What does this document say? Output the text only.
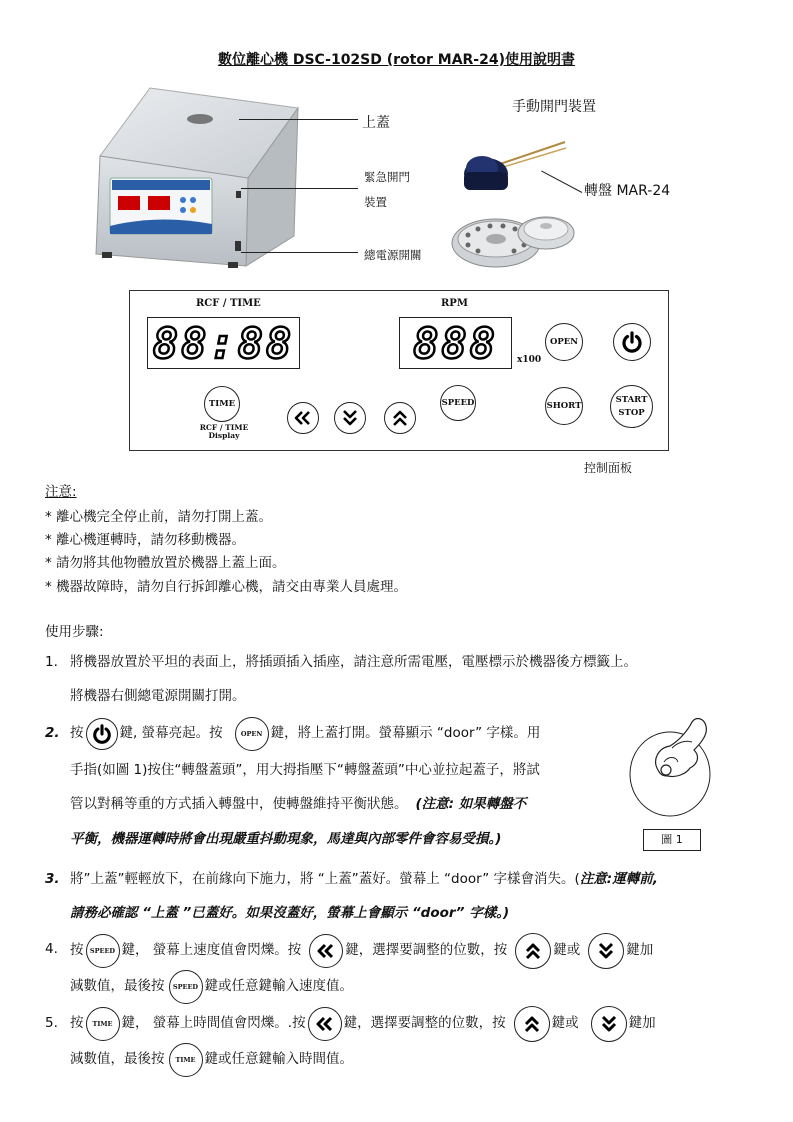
數位離心機 DSC-102SD (rotor MAR-24)使用說明書
上蓋
緊急開門
裝置
總電源開關
手動開門裝置
轉盤 MAR-24
RCF / TIME	RPM
88:88	888	x100
OPEN
TIME
RCF / TIME
Display
SPEED	SHORT
START
STOP
控制面板
注意:
* 離心機完全停止前，請勿打開上蓋。
* 離心機運轉時，請勿移動機器。
* 請勿將其他物體放置於機器上蓋上面。
* 機器故障時，請勿自行拆卸離心機，請交由專業人員處理。
使用步驟:
1. 將機器放置於平坦的表面上，將插頭插入插座，請注意所需電壓，電壓標示於機器後方標籤上。
將機器右側總電源開關打開。
2. 按	鍵, 螢幕亮起。按	OPEN 鍵，將上蓋打開。螢幕顯示 “door” 字樣。用
手指(如圖 1)按住“轉盤蓋頭”，用大拇指壓下“轉盤蓋頭”中心並拉起蓋子，將試
管以對稱等重的方式插入轉盤中，使轉盤維持平衡狀態。 (注意: 如果轉盤不
平衡，機器運轉時將會出現嚴重抖動現象，馬達與內部零件會容易受損。)	圖 1
3. 將”上蓋”輕輕放下，在前緣向下施力，將 “上蓋”蓋好。螢幕上 “door” 字樣會消失。(注意:運轉前,
請務必確認 “上蓋 ”已蓋好。如果沒蓋好，螢幕上會顯示 “door” 字樣。)
4. 按 SPEED 鍵， 螢幕上速度值會閃爍。按	鍵，選擇要調整的位數，按	鍵或	鍵加
減數值，最後按	SPEED 鍵或任意鍵輸入速度值。
5. 按	TIME 鍵， 螢幕上時間值會閃爍。.按	鍵，選擇要調整的位數，按	鍵或	鍵加
減數值，最後按	TIME 鍵或任意鍵輸入時間值。
